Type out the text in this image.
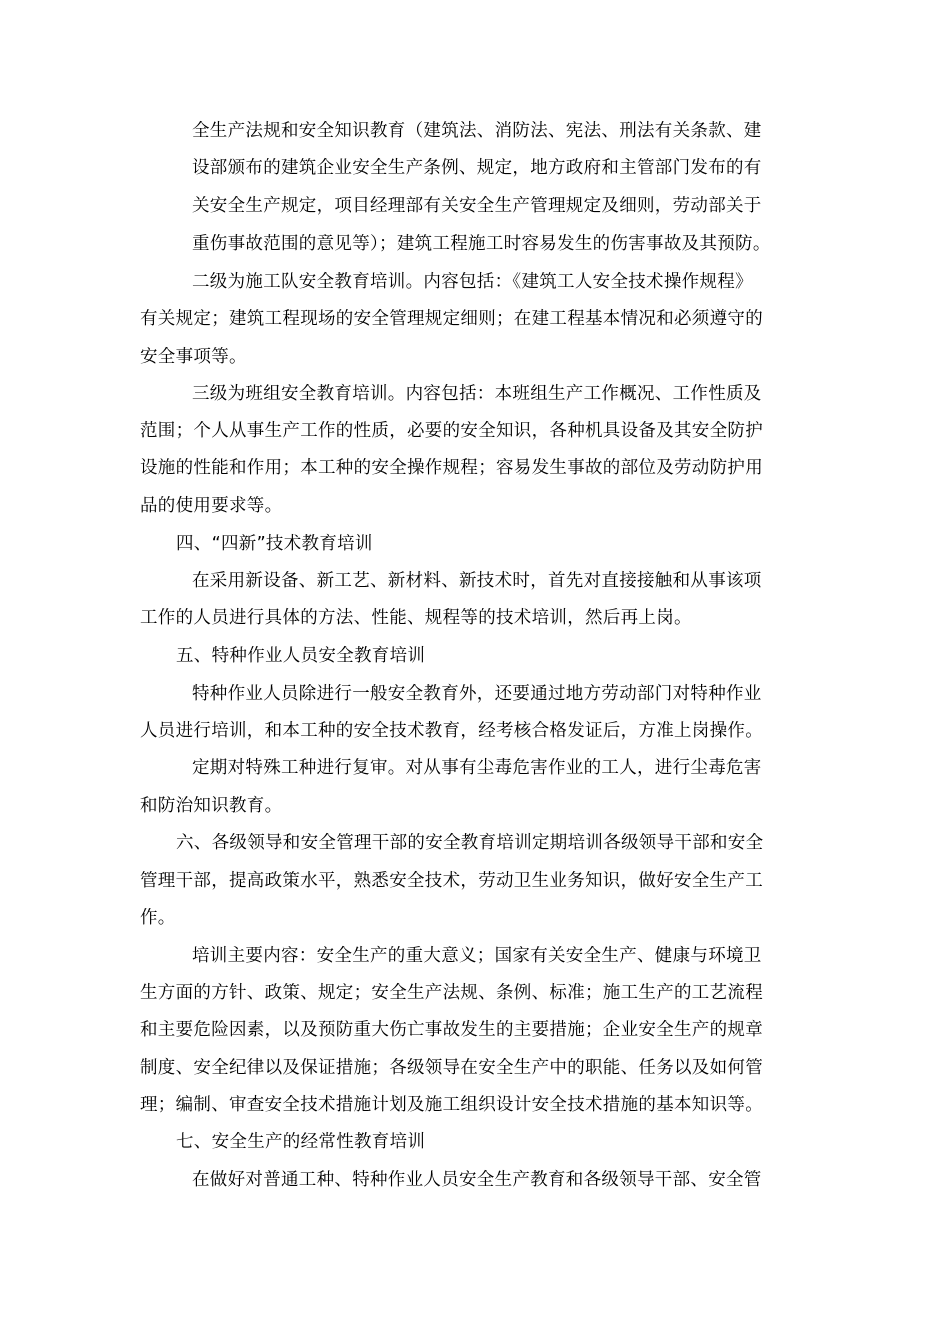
全生产法规和安全知识教育（建筑法、消防法、宪法、刑法有关条款、建

设部颁布的建筑企业安全生产条例、规定，地方政府和主管部门发布的有

关安全生产规定，项目经理部有关安全生产管理规定及细则，劳动部关于

重伤事故范围的意见等）；建筑工程施工时容易发生的伤害事故及其预防。

二级为施工队安全教育培训。内容包括：《建筑工人安全技术操作规程》

有关规定；建筑工程现场的安全管理规定细则；在建工程基本情况和必须遵守的

安全事项等。

三级为班组安全教育培训。内容包括：本班组生产工作概况、工作性质及

范围；个人从事生产工作的性质，必要的安全知识，各种机具设备及其安全防护

设施的性能和作用；本工种的安全操作规程；容易发生事故的部位及劳动防护用

品的使用要求等。

四、“四新”技术教育培训

在采用新设备、新工艺、新材料、新技术时，首先对直接接触和从事该项

工作的人员进行具体的方法、性能、规程等的技术培训，然后再上岗。

五、特种作业人员安全教育培训

特种作业人员除进行一般安全教育外，还要通过地方劳动部门对特种作业

人员进行培训，和本工种的安全技术教育，经考核合格发证后，方准上岗操作。

定期对特殊工种进行复审。对从事有尘毒危害作业的工人，进行尘毒危害

和防治知识教育。

六、各级领导和安全管理干部的安全教育培训定期培训各级领导干部和安全

管理干部，提高政策水平，熟悉安全技术，劳动卫生业务知识，做好安全生产工

作。

培训主要内容：安全生产的重大意义；国家有关安全生产、健康与环境卫

生方面的方针、政策、规定；安全生产法规、条例、标准；施工生产的工艺流程

和主要危险因素，以及预防重大伤亡事故发生的主要措施；企业安全生产的规章

制度、安全纪律以及保证措施；各级领导在安全生产中的职能、任务以及如何管

理；编制、审查安全技术措施计划及施工组织设计安全技术措施的基本知识等。

七、安全生产的经常性教育培训

在做好对普通工种、特种作业人员安全生产教育和各级领导干部、安全管
